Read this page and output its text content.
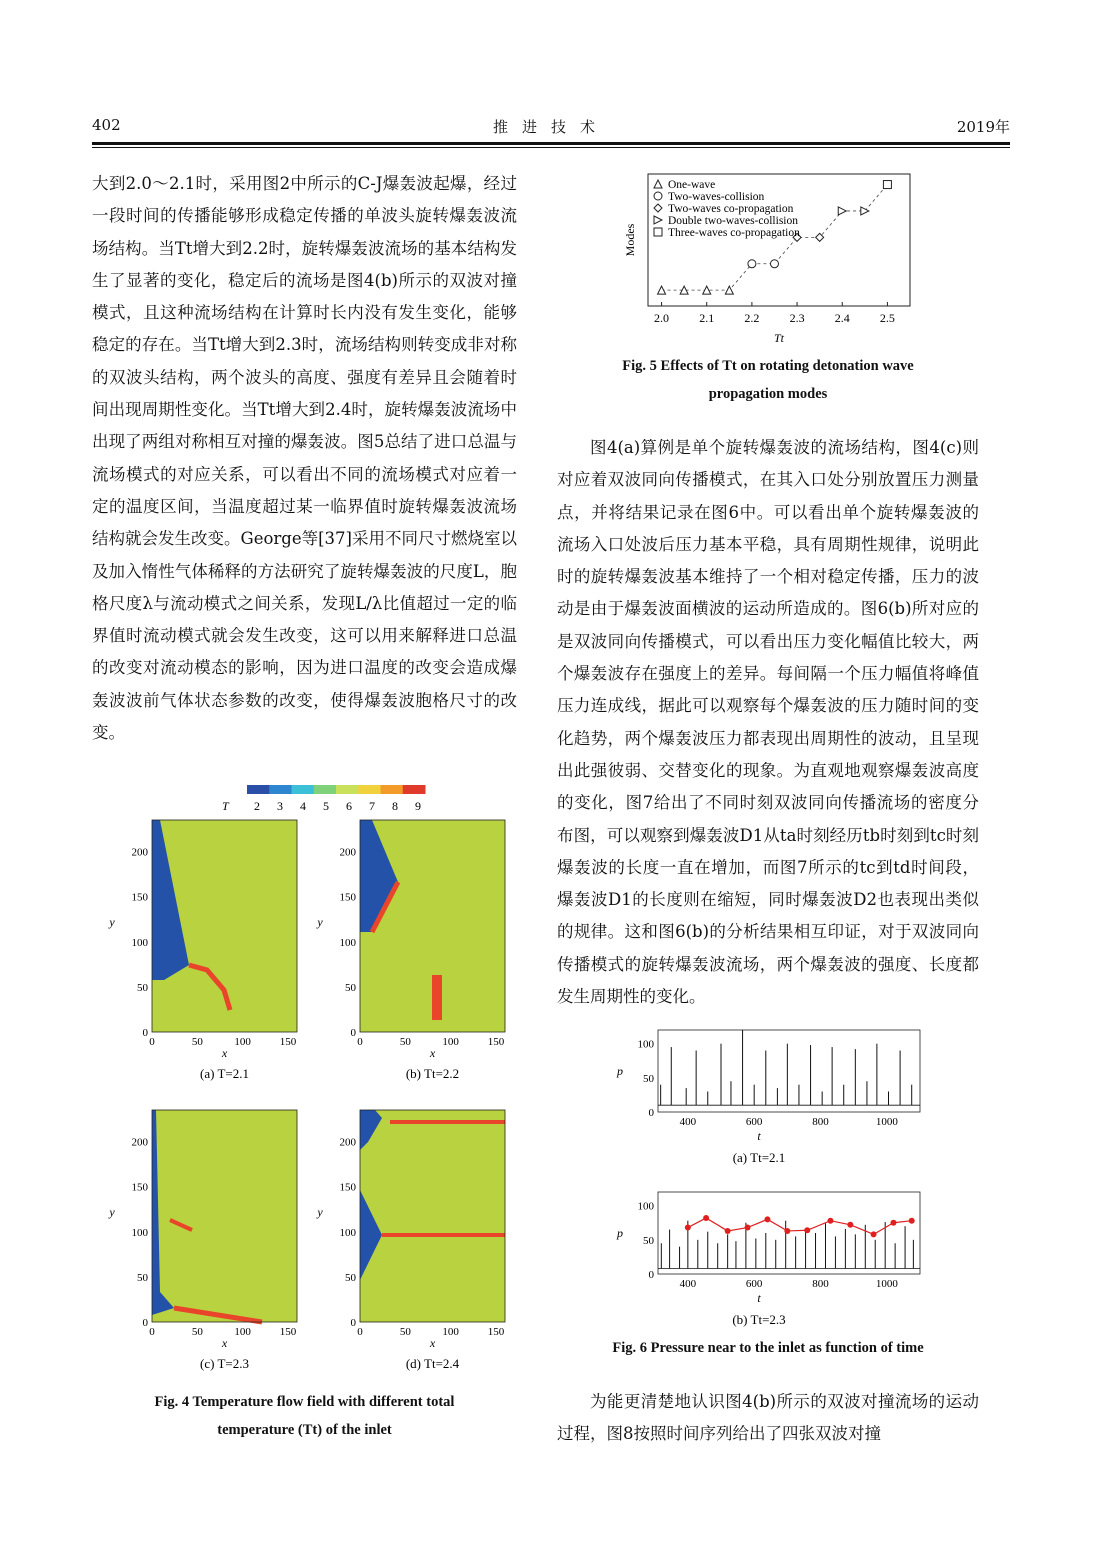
402	推进技术	2019年

大到2.0～2.1时，采用图2中所示的C-J爆轰波起爆，经过一段时间的传播能够形成稳定传播的单波头旋转爆轰波流场结构。当Tt增大到2.2时，旋转爆轰波流场的基本结构发生了显著的变化，稳定后的流场是图4(b)所示的双波对撞模式，且这种流场结构在计算时长内没有发生变化，能够稳定的存在。当Tt增大到2.3时，流场结构则转变成非对称的双波头结构，两个波头的高度、强度有差异且会随着时间出现周期性变化。当Tt增大到2.4时，旋转爆轰波流场中出现了两组对称相互对撞的爆轰波。图5总结了进口总温与流场模式的对应关系，可以看出不同的流场模式对应着一定的温度区间，当温度超过某一临界值时旋转爆轰波流场结构就会发生改变。George等[37]采用不同尺寸燃烧室以及加入惰性气体稀释的方法研究了旋转爆轰波的尺度L，胞格尺度λ与流动模式之间关系，发现L/λ比值超过一定的临界值时流动模式就会发生改变，这可以用来解释进口总温的改变对流动模态的影响，因为进口温度的改变会造成爆轰波波前气体状态参数的改变，使得爆轰波胞格尺寸的改变。

图4(a)算例是单个旋转爆轰波的流场结构，图4(c)则对应着双波同向传播模式，在其入口处分别放置压力测量点，并将结果记录在图6中。可以看出单个旋转爆轰波的流场入口处波后压力基本平稳，具有周期性规律，说明此时的旋转爆轰波基本维持了一个相对稳定传播，压力的波动是由于爆轰波面横波的运动所造成的。图6(b)所对应的是双波同向传播模式，可以看出压力变化幅值比较大，两个爆轰波存在强度上的差异。每间隔一个压力幅值将峰值压力连成线，据此可以观察每个爆轰波的压力随时间的变化趋势，两个爆轰波压力都表现出周期性的波动，且呈现出此强彼弱、交替变化的现象。为直观地观察爆轰波高度的变化，图7给出了不同时刻双波同向传播流场的密度分布图，可以观察到爆轰波D1从ta时刻经历tb时刻到tc时刻爆轰波的长度一直在增加，而图7所示的tc到td时间段，爆轰波D1的长度则在缩短，同时爆轰波D2也表现出类似的规律。这和图6(b)的分析结果相互印证，对于双波同向传播模式的旋转爆轰波流场，两个爆轰波的强度、长度都发生周期性的变化。

为能更清楚地认识图4(b)所示的双波对撞流场的运动过程，图8按照时间序列给出了四张双波对撞

2.0	2.1	2.2	2.3	2.4	2.5
Tt
Modes
One-wave
Two-waves-collision
Two-waves co-propagation
Double two-waves-collision
Three-waves co-propagation
Fig. 5 Effects of Tt on rotating detonation wave
propagation modes
T 2 3 4 5 6 7 8 9
0
50
100
150
200
0	50	100	150
x
y
(a) T=2.1
0
50
100
150
200
0	50	100	150
x
y
(b) Tt=2.2
0
50
100
150
200
0	50	100	150
x
y
(c) T=2.3
0
50
100
150
200
0	50	100	150
x
y
(d) Tt=2.4
Fig. 4 Temperature flow field with different total
temperature (Tt) of the inlet
400	600	800	1000
0
50
100
t
p
(a) Tt=2.1
400	600	800	1000
0
50
100
t
p
(b) Tt=2.3
Fig. 6 Pressure near to the inlet as function of time
